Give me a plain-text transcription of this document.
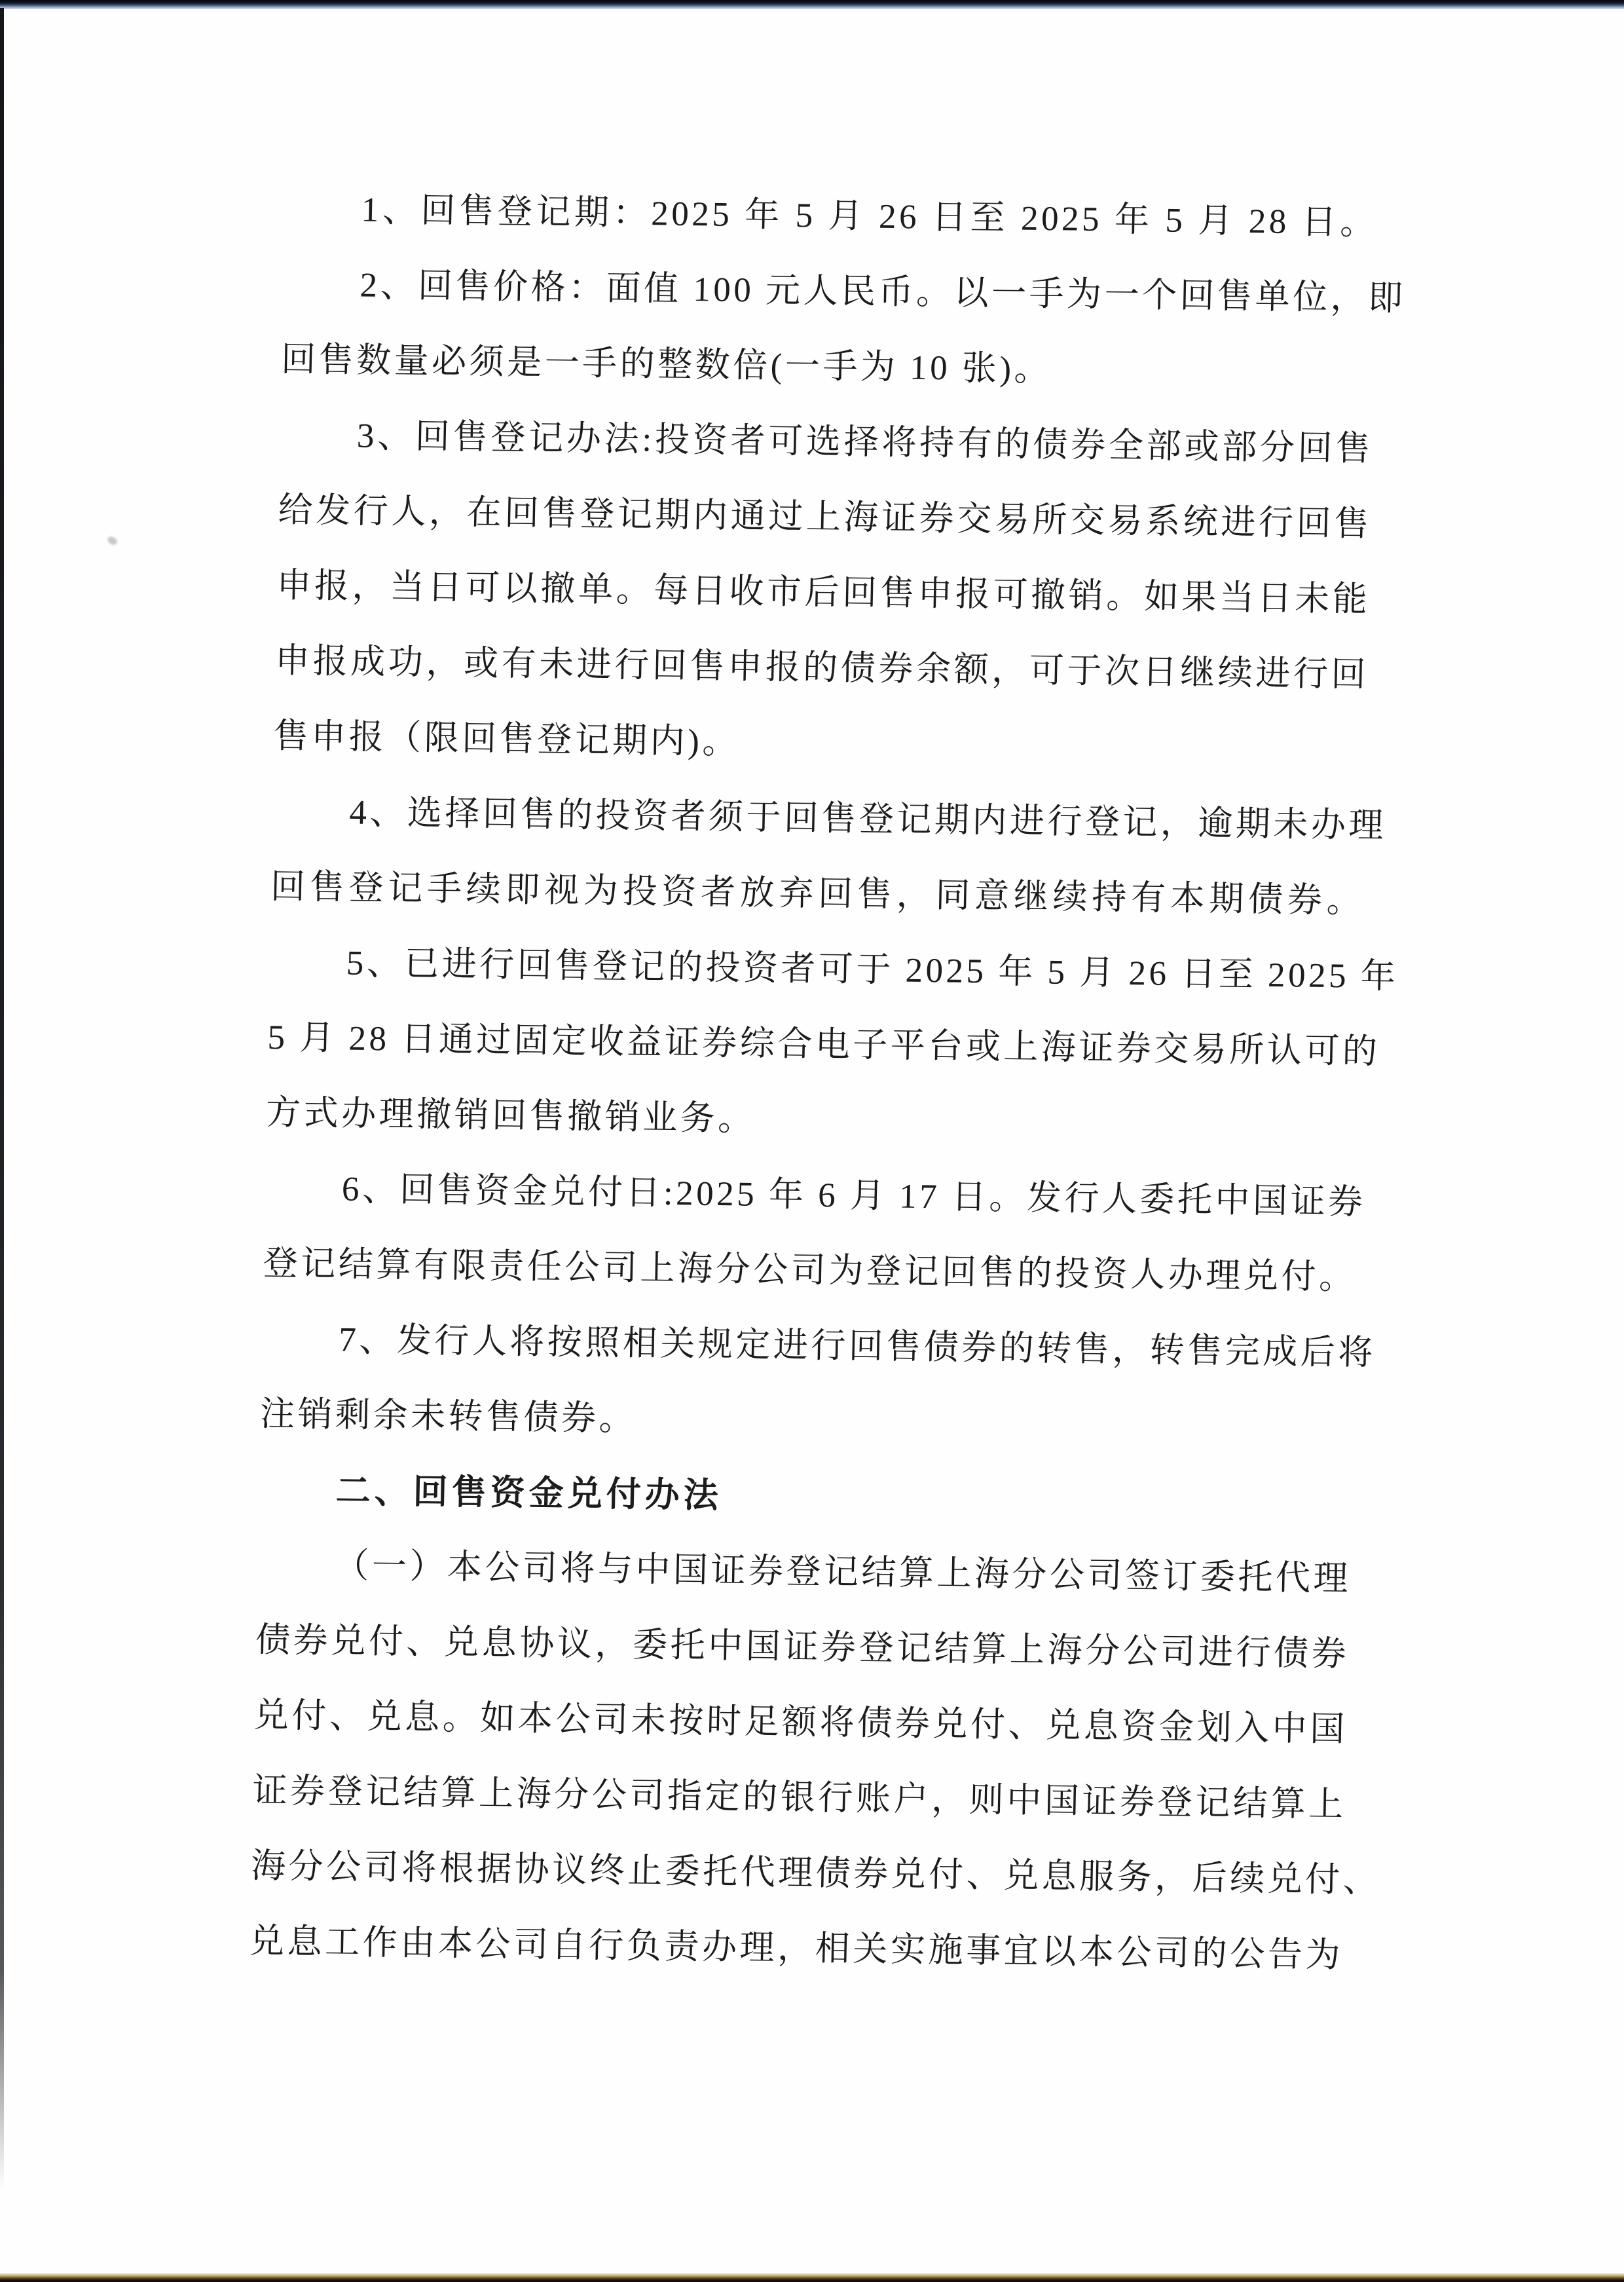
1、回售登记期：2025 年 5 月 26 日至 2025 年 5 月 28 日。
2、回售价格：面值 100 元人民币。以一手为一个回售单位，即
回售数量必须是一手的整数倍(一手为 10 张)。
3、回售登记办法:投资者可选择将持有的债券全部或部分回售
给发行人，在回售登记期内通过上海证券交易所交易系统进行回售
申报，当日可以撤单。每日收市后回售申报可撤销。如果当日未能
申报成功，或有未进行回售申报的债券余额，可于次日继续进行回
售申报（限回售登记期内)。
4、选择回售的投资者须于回售登记期内进行登记，逾期未办理
回售登记手续即视为投资者放弃回售，同意继续持有本期债券。
5、已进行回售登记的投资者可于 2025 年 5 月 26 日至 2025 年
5 月 28 日通过固定收益证券综合电子平台或上海证券交易所认可的
方式办理撤销回售撤销业务。
6、回售资金兑付日:2025 年 6 月 17 日。发行人委托中国证券
登记结算有限责任公司上海分公司为登记回售的投资人办理兑付。
7、发行人将按照相关规定进行回售债券的转售，转售完成后将
注销剩余未转售债券。
二、回售资金兑付办法
（一）本公司将与中国证券登记结算上海分公司签订委托代理
债券兑付、兑息协议，委托中国证券登记结算上海分公司进行债券
兑付、兑息。如本公司未按时足额将债券兑付、兑息资金划入中国
证券登记结算上海分公司指定的银行账户，则中国证券登记结算上
海分公司将根据协议终止委托代理债券兑付、兑息服务，后续兑付、
兑息工作由本公司自行负责办理，相关实施事宜以本公司的公告为
